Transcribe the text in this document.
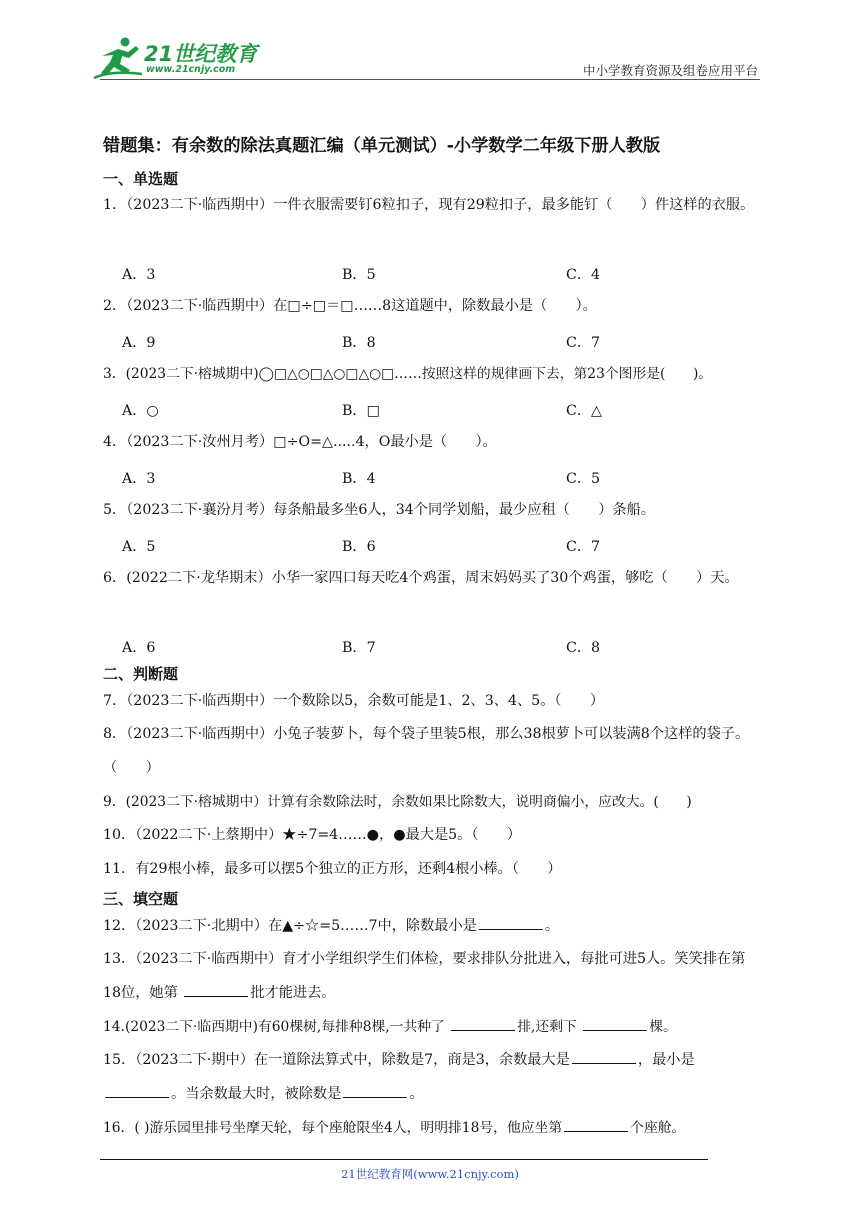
21世纪教育
www.21cnjy.com	中小学教育资源及组卷应用平台
错题集：有余数的除法真题汇编（单元测试）-小学数学二年级下册人教版
一、单选题
1．（2023二下·临西期中）一件衣服需要钉6粒扣子，现有29粒扣子，最多能钉（　　）件这样的衣服。
A．3	B．5	C．4
2．（2023二下·临西期中）在□÷□＝□……8这道题中，除数最小是（　　）。
A．9	B．8	C．7
3．(2023二下·榕城期中)◯□△○□△○□△○□……按照这样的规律画下去，第23个图形是(　　)。
A．○	B．□	C．△
4．（2023二下·汝州月考）□÷O=△.....4，O最小是（　　）。
A．3	B．4	C．5
5．（2023二下·襄汾月考）每条船最多坐6人，34个同学划船，最少应租（　　）条船。
A．5	B．6	C．7
6．(2022二下·龙华期末）小华一家四口每天吃4个鸡蛋，周末妈妈买了30个鸡蛋，够吃（　　）天。
A．6	B．7	C．8
二、判断题
7．（2023二下·临西期中）一个数除以5，余数可能是1、2、3、4、5。（　　）
8．（2023二下·临西期中）小兔子装萝卜，每个袋子里装5根，那么38根萝卜可以装满8个这样的袋子。（　　）
9．(2023二下·榕城期中）计算有余数除法时，余数如果比除数大，说明商偏小，应改大。(　　)
10．（2022二下·上蔡期中）★÷7=4……●，●最大是5。（　　）
11．有29根小棒，最多可以摆5个独立的正方形，还剩4根小棒。（　　）
三、填空题
12．（2023二下·北期中）在▲÷☆=5……7中，除数最小是	。
13．（2023二下·临西期中）育才小学组织学生们体检，要求排队分批进入，每批可进5人。笑笑排在第18位，她第	批才能进去。
14.(2023二下·临西期中)有60棵树,每排种8棵,一共种了	排,还剩下	棵。
15．（2023二下·期中）在一道除法算式中，除数是7，商是3，余数最大是	，最小是。当余数最大时，被除数是	。
16．( )游乐园里排号坐摩天轮，每个座舱限坐4人，明明排18号，他应坐第	个座舱。
21世纪教育网(www.21cnjy.com)
